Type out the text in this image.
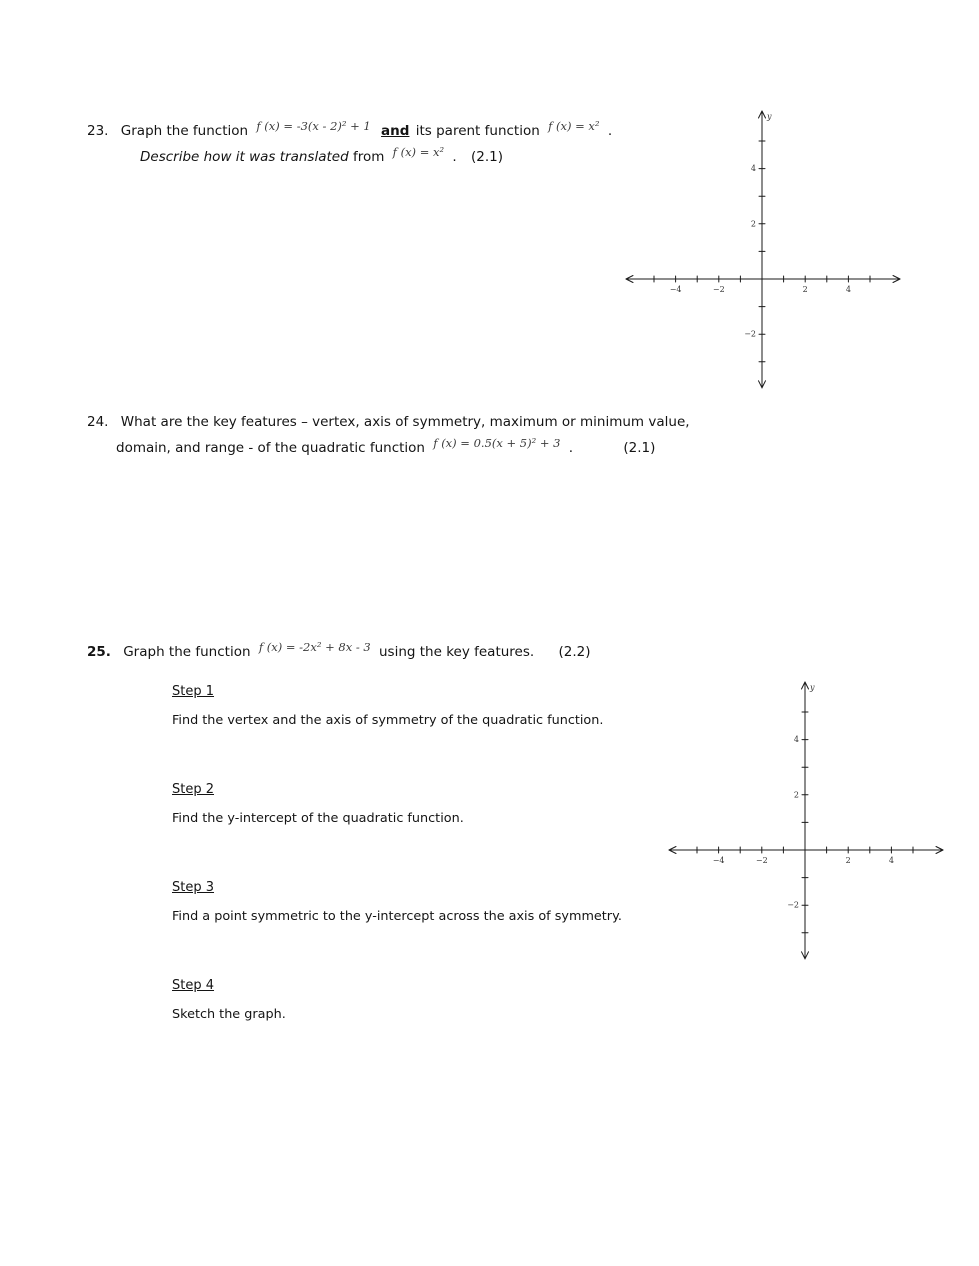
23. Graph the function f (x) = -3(x - 2)² + 1 and its parent function f (x) = x² .
Describe how it was translated from f (x) = x² . (2.1)
−4	−2	2	4
−2
2
4
y
24. What are the key features – vertex, axis of symmetry, maximum or minimum value,
domain, and range - of the quadratic function f (x) = 0.5(x + 5)² + 3 .	(2.1)
25. Graph the function f (x) = -2x² + 8x - 3 using the key features. (2.2)
Step 1
Find the vertex and the axis of symmetry of the quadratic function.
Step 2
Find the y-intercept of the quadratic function.
Step 3
Find a point symmetric to the y-intercept across the axis of symmetry.
Step 4
Sketch the graph.
−4	−2	2	4
−2
2
4
y
